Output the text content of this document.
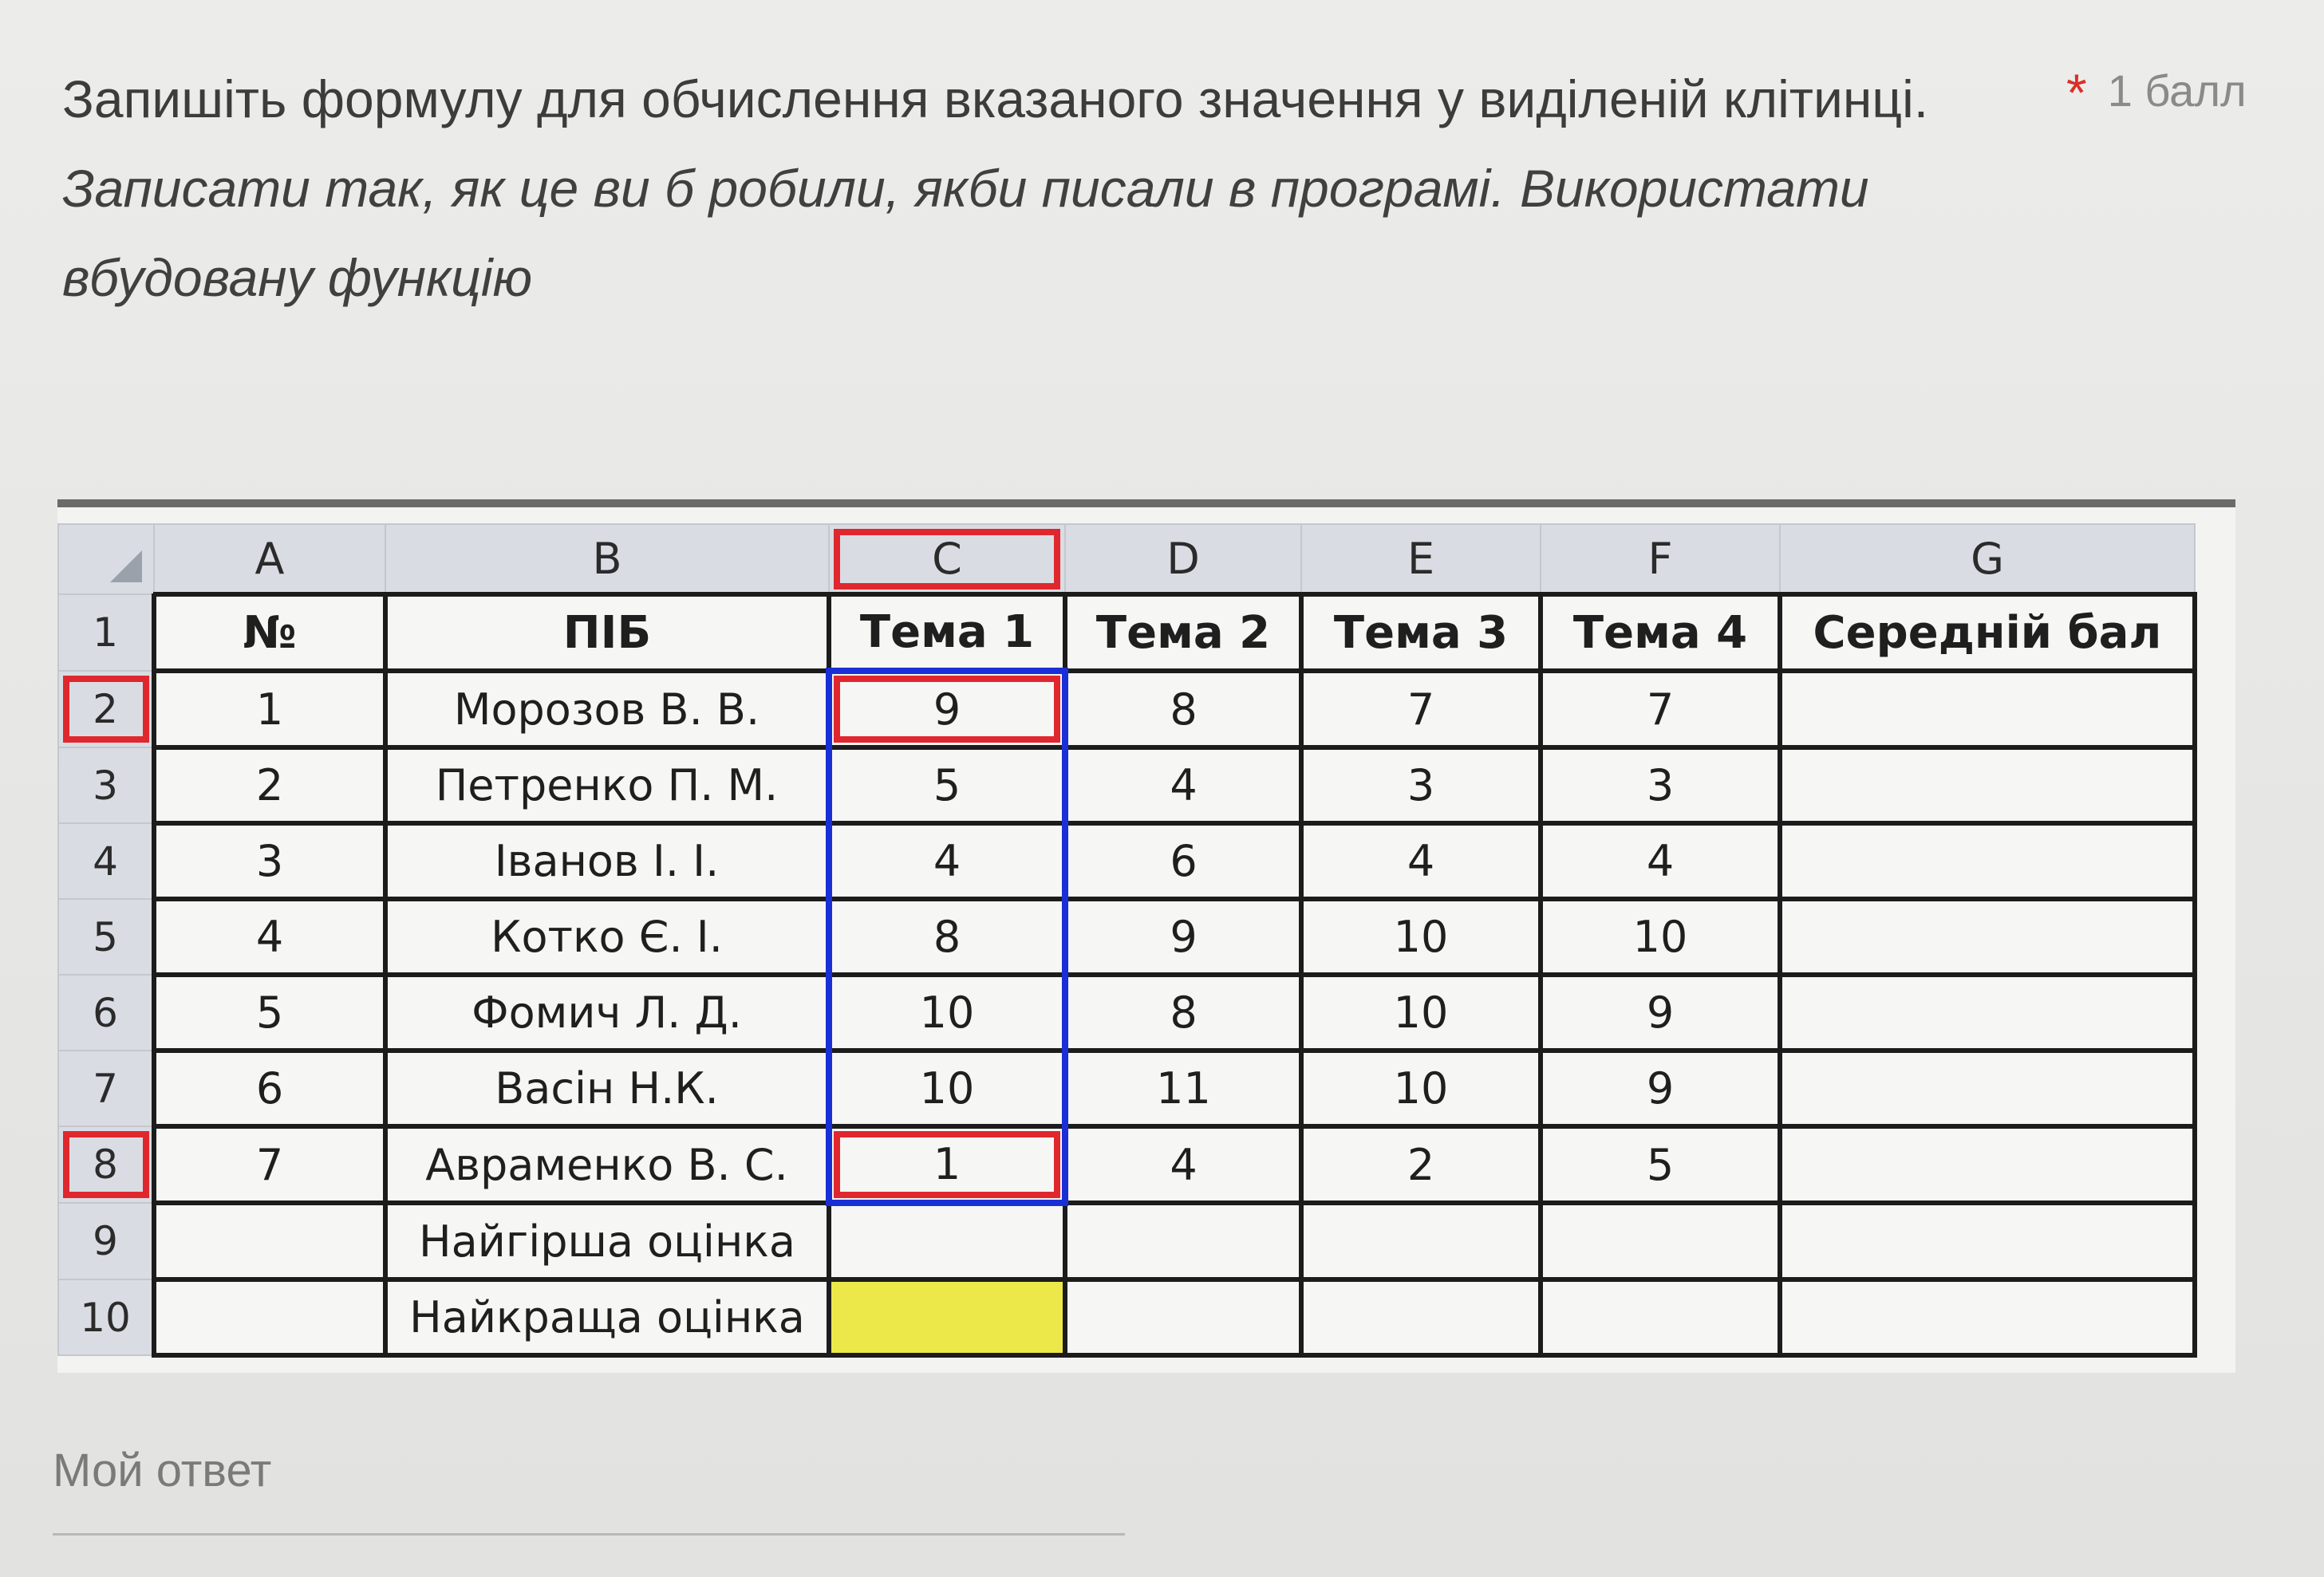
Запишіть формулу для обчислення вказаного значення у виділеній клітинці.
Записати так, як це ви б робили, якби писали в програмі. Використати вбудовану функцію
* 1 балл
	A	B	C	D	E	F	G
1	№	ПІБ	Тема 1	Тема 2	Тема 3	Тема 4	Середній бал
2	1	Морозов В. В.	9	8	7	7	
3	2	Петренко П. М.	5	4	3	3	
4	3	Іванов І. І.	4	6	4	4	
5	4	Котко Є. І.	8	9	10	10	
6	5	Фомич Л. Д.	10	8	10	9	
7	6	Васін Н.К.	10	11	10	9	
8	7	Авраменко В. С.	1	4	2	5	
9		Найгірша оцінка					
10		Найкраща оцінка					
Мой ответ
